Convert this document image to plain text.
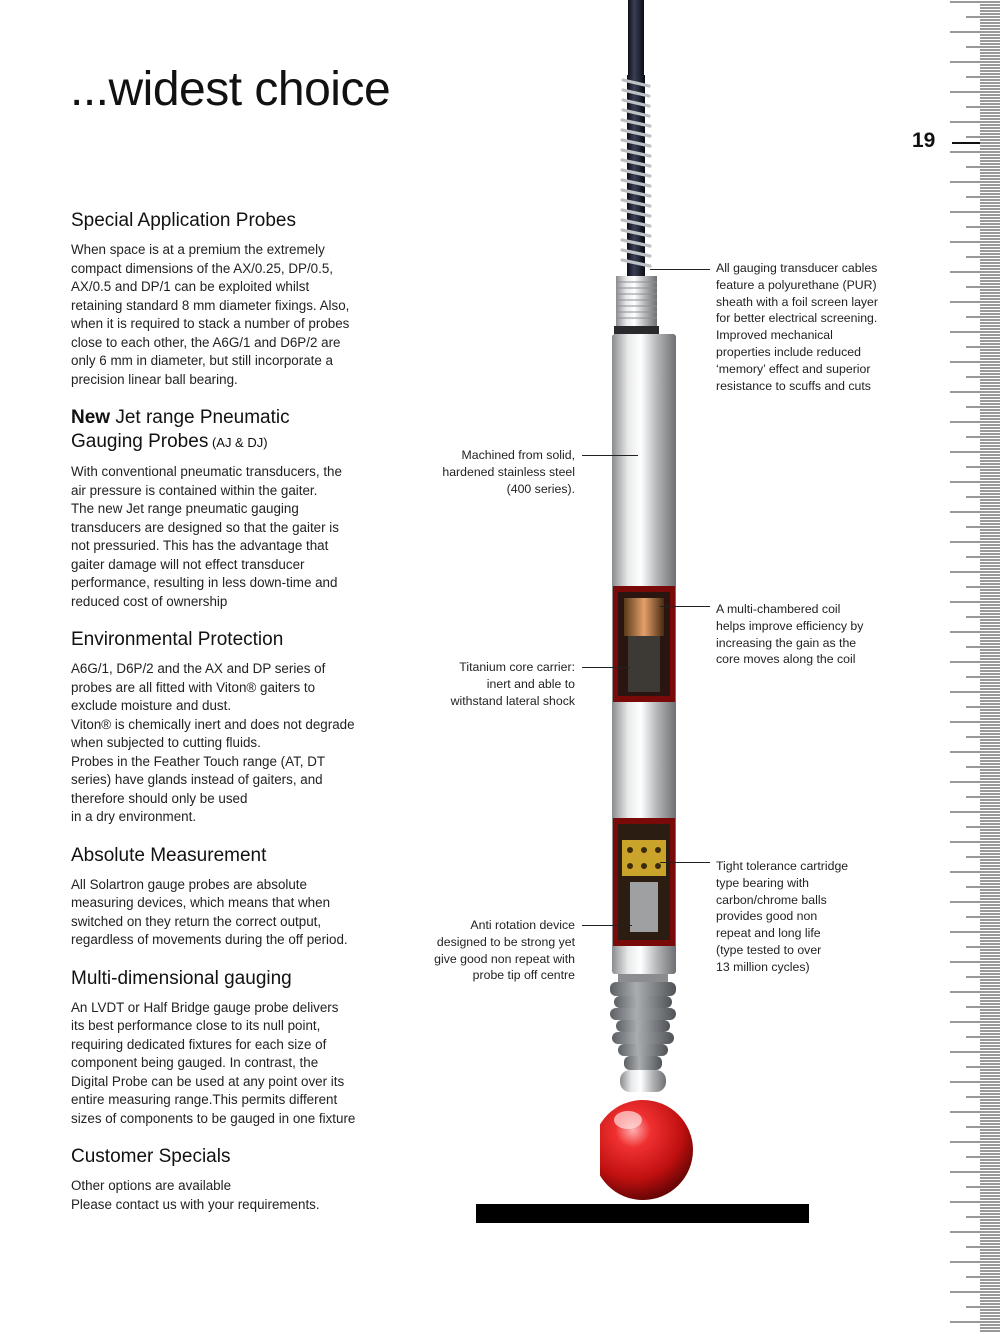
...widest choice
19
Special Application Probes

When space is at a premium the extremely
compact dimensions of the AX/0.25, DP/0.5,
AX/0.5 and DP/1 can be exploited whilst
retaining standard 8 mm diameter fixings. Also,
when it is required to stack a number of probes
close to each other, the A6G/1 and D6P/2 are
only 6 mm in diameter, but still incorporate a
precision linear ball bearing.

New Jet range Pneumatic
Gauging Probes (AJ & DJ)

With conventional pneumatic transducers, the
air pressure is contained within the gaiter.
The new Jet range pneumatic gauging
transducers are designed so that the gaiter is
not pressuried. This has the advantage that
gaiter damage will not effect transducer
performance, resulting in less down-time and
reduced cost of ownership

Environmental Protection

A6G/1, D6P/2 and the AX and DP series of
probes are all fitted with Viton® gaiters to
exclude moisture and dust.
Viton® is chemically inert and does not degrade
when subjected to cutting fluids.
Probes in the Feather Touch range (AT, DT
series) have glands instead of gaiters, and
therefore should only be used
in a dry environment.

Absolute Measurement

All Solartron gauge probes are absolute
measuring devices, which means that when
switched on they return the correct output,
regardless of movements during the off period.

Multi-dimensional gauging

An LVDT or Half Bridge gauge probe delivers
its best performance close to its null point,
requiring dedicated fixtures for each size of
component being gauged. In contrast, the
Digital Probe can be used at any point over its
entire measuring range.This permits different
sizes of components to be gauged in one fixture

Customer Specials

Other options are available
Please contact us with your requirements.

All gauging transducer cables
feature a polyurethane (PUR)
sheath with a foil screen layer
for better electrical screening.
Improved mechanical
properties include reduced
‘memory’ effect and superior
resistance to scuffs and cuts
Machined from solid,
hardened stainless steel
(400 series).
A multi-chambered coil
helps improve efficiency by
increasing the gain as the
core moves along the coil
Titanium core carrier:
inert and able to
withstand lateral shock
Tight tolerance cartridge
type bearing with
carbon/chrome balls
provides good non
repeat and long life
(type tested to over
13 million cycles)
Anti rotation device
designed to be strong yet
give good non repeat with
probe tip off centre
